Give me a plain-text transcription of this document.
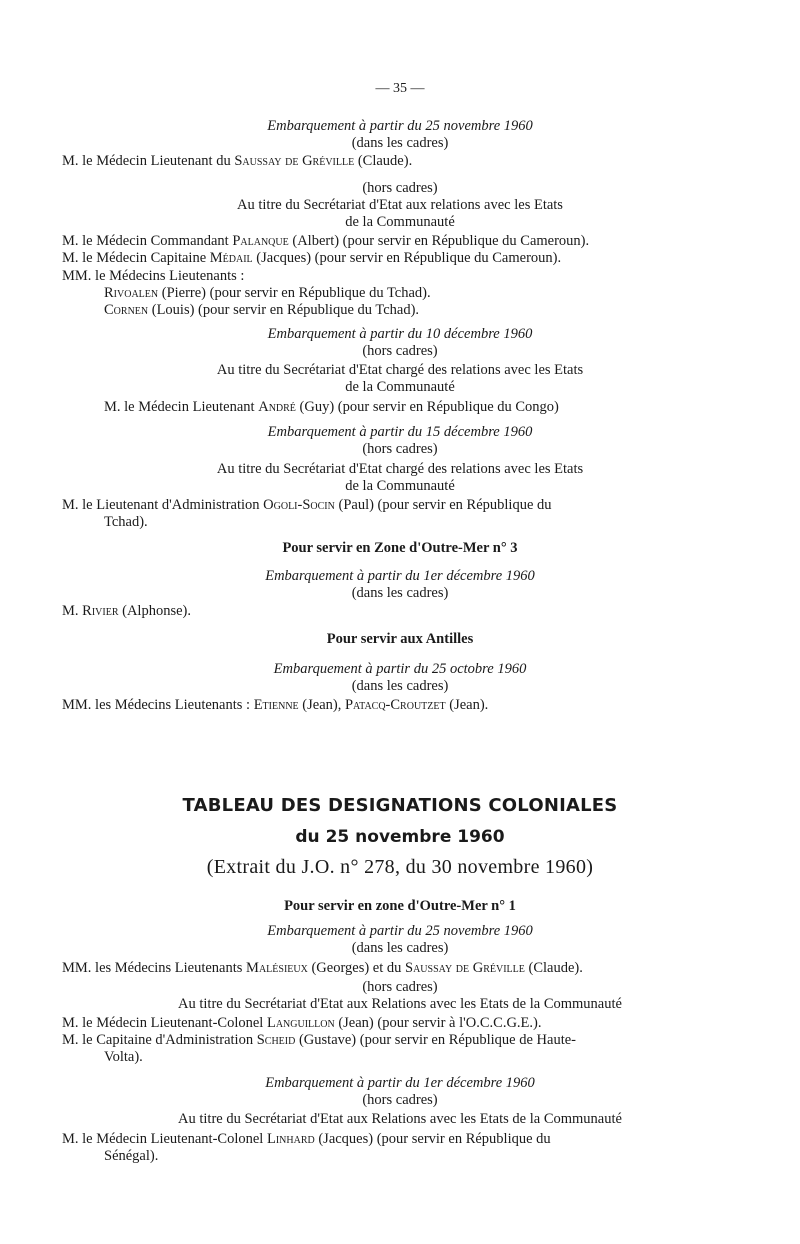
— 35 —
Embarquement à partir du 25 novembre 1960
(dans les cadres)
M. le Médecin Lieutenant du Saussay de Gréville (Claude).
(hors cadres)
Au titre du Secrétariat d'Etat aux relations avec les Etats
de la Communauté
M. le Médecin Commandant Palanque (Albert) (pour servir en République du Cameroun).
M. le Médecin Capitaine Médail (Jacques) (pour servir en République du Cameroun).
MM. le Médecins Lieutenants :
Rivoalen (Pierre) (pour servir en République du Tchad).
Cornen (Louis) (pour servir en République du Tchad).
Embarquement à partir du 10 décembre 1960
(hors cadres)
Au titre du Secrétariat d'Etat chargé des relations avec les Etats
de la Communauté
M. le Médecin Lieutenant André (Guy) (pour servir en République du Congo)
Embarquement à partir du 15 décembre 1960
(hors cadres)
Au titre du Secrétariat d'Etat chargé des relations avec les Etats
de la Communauté
M. le Lieutenant d'Administration Ogoli-Socin (Paul) (pour servir en République du
Tchad).
Pour servir en Zone d'Outre-Mer n° 3
Embarquement à partir du 1er décembre 1960
(dans les cadres)
M. Rivier (Alphonse).
Pour servir aux Antilles
Embarquement à partir du 25 octobre 1960
(dans les cadres)
MM. les Médecins Lieutenants : Etienne (Jean), Patacq-Croutzet (Jean).
TABLEAU DES DESIGNATIONS COLONIALES
du 25 novembre 1960
(Extrait du J.O. n° 278, du 30 novembre 1960)
Pour servir en zone d'Outre-Mer n° 1
Embarquement à partir du 25 novembre 1960
(dans les cadres)
MM. les Médecins Lieutenants Malésieux (Georges) et du Saussay de Gréville (Claude).
(hors cadres)
Au titre du Secrétariat d'Etat aux Relations avec les Etats de la Communauté
M. le Médecin Lieutenant-Colonel Languillon (Jean) (pour servir à l'O.C.C.G.E.).
M. le Capitaine d'Administration Scheid (Gustave) (pour servir en République de Haute-
Volta).
Embarquement à partir du 1er décembre 1960
(hors cadres)
Au titre du Secrétariat d'Etat aux Relations avec les Etats de la Communauté
M. le Médecin Lieutenant-Colonel Linhard (Jacques) (pour servir en République du
Sénégal).
